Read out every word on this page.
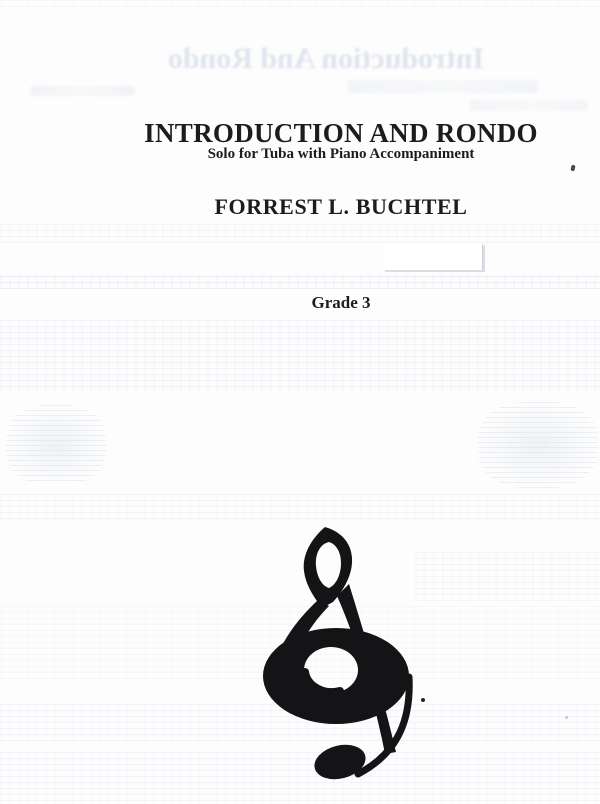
Introduction And Rondo
INTRODUCTION AND RONDO
Solo for Tuba with Piano Accompaniment
FORREST L. BUCHTEL
Grade 3
